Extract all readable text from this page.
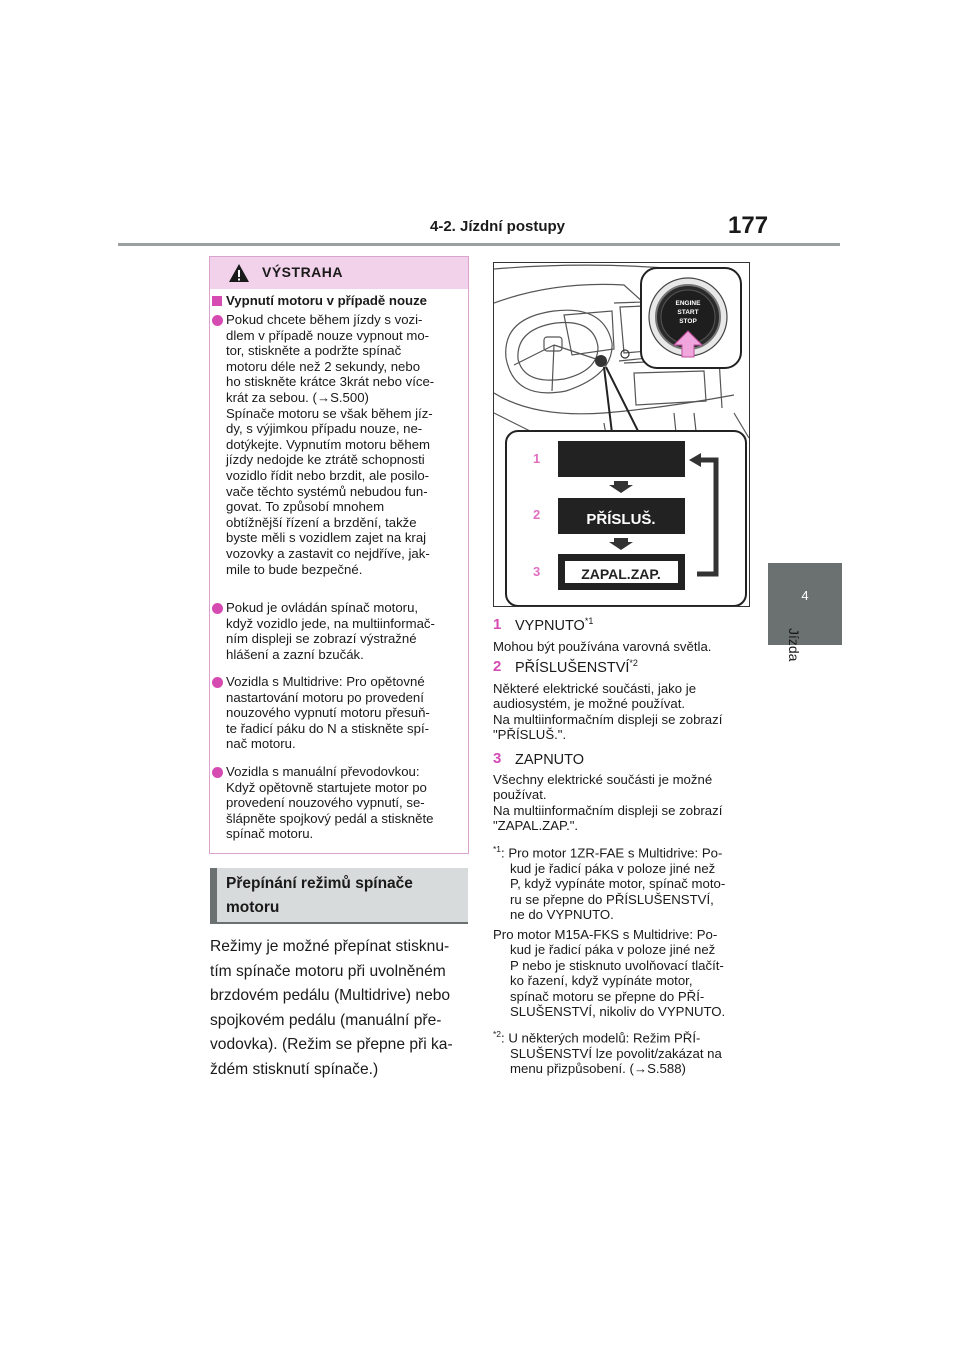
4-2. Jízdní postupy	177
4
Jízda
VÝSTRAHA
Vypnutí motoru v případě nouze
Pokud chcete během jízdy s vozi-
dlem v případě nouze vypnout mo-
tor, stiskněte a podržte spínač
motoru déle než 2 sekundy, nebo
ho stiskněte krátce 3krát nebo více-
krát za sebou. (→S.500)
Spínače motoru se však během jíz-
dy, s výjimkou případu nouze, ne-
dotýkejte. Vypnutím motoru během
jízdy nedojde ke ztrátě schopnosti
vozidlo řídit nebo brzdit, ale posilo-
vače těchto systémů nebudou fun-
govat. To způsobí mnohem
obtížnější řízení a brzdění, takže
byste měli s vozidlem zajet na kraj
vozovky a zastavit co nejdříve, jak-
mile to bude bezpečné.
Pokud je ovládán spínač motoru,
když vozidlo jede, na multiinformač-
ním displeji se zobrazí výstražné
hlášení a zazní bzučák.
Vozidla s Multidrive: Pro opětovné
nastartování motoru po provedení
nouzového vypnutí motoru přesuň-
te řadicí páku do N a stiskněte spí-
nač motoru.
Vozidla s manuální převodovkou:
Když opětovně startujete motor po
provedení nouzového vypnutí, se-
šlápněte spojkový pedál a stiskněte
spínač motoru.
Přepínání režimů spínače
motoru
Režimy je možné přepínat stisknu-
tím spínače motoru při uvolněném
brzdovém pedálu (Multidrive) nebo
spojkovém pedálu (manuální pře-
vodovka). (Režim se přepne při ka-
ždém stisknutí spínače.)
ENGINE
START
STOP
PŘÍSLUŠ.
ZAPAL.ZAP.
1
2
3
1 VYPNUTO$^{*1}$
Mohou být používána varovná světla.
2 PŘÍSLUŠENSTVÍ$^{*2}$
Některé elektrické součásti, jako je
audiosystém, je možné používat.
Na multiinformačním displeji se zobrazí
"PŘÍSLUŠ.".
3 ZAPNUTO
Všechny elektrické součásti je možné
používat.
Na multiinformačním displeji se zobrazí
"ZAPAL.ZAP.".
$^{*1}$: Pro motor 1ZR-FAE s Multidrive: Po-
kud je řadicí páka v poloze jiné než
P, když vypínáte motor, spínač moto-
ru se přepne do PŘÍSLUŠENSTVÍ,
ne do VYPNUTO.
Pro motor M15A-FKS s Multidrive: Po-
kud je řadicí páka v poloze jiné než
P nebo je stisknuto uvolňovací tlačít-
ko řazení, když vypínáte motor,
spínač motoru se přepne do PŘÍ-
SLUŠENSTVÍ, nikoliv do VYPNUTO.
$^{*2}$: U některých modelů: Režim PŘÍ-
SLUŠENSTVÍ lze povolit/zakázat na
menu přizpůsobení. (→S.588)
